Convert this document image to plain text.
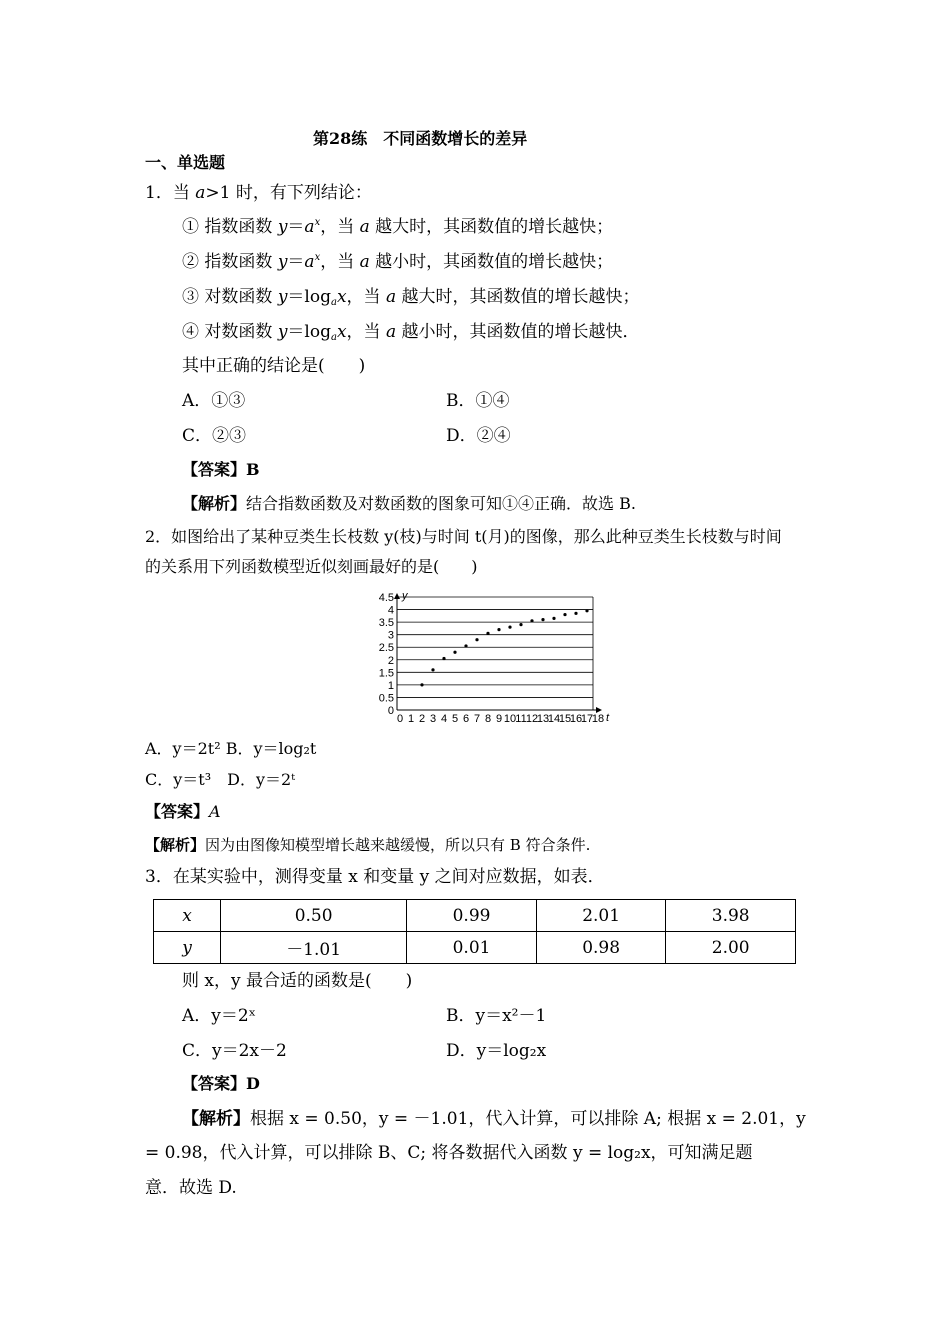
第28练　不同函数增长的差异
一、单选题
1．当 a>1 时，有下列结论：
① 指数函数 $y=a^x$，当 a 越大时，其函数值的增长越快；
② 指数函数 $y=a^x$，当 a 越小时，其函数值的增长越快；
③ 对数函数 $y=\log_ax$，当 a 越大时，其函数值的增长越快；
④ 对数函数 $y=\log_ax$，当 a 越小时，其函数值的增长越快．
其中正确的结论是(　　)
A．①③	B．①④
C．②③	D．②④
【答案】B
【解析】结合指数函数及对数函数的图象可知①④正确．故选 B.
2．如图给出了某种豆类生长枝数 y(枝)与时间 t(月)的图像，那么此种豆类生长枝数与时间
的关系用下列函数模型近似刻画最好的是(　　)
0
0.5
1
1.5
2
2.5
3
3.5
4
4.5
0 1 2 3 4 5 6 7 8 9 10 11 12
13
14
15
16
17
18
y
t
A．y＝2t² B．y＝log₂t
C．y＝t³　D．y＝2ᵗ
【答案】A
【解析】因为由图像知模型增长越来越缓慢，所以只有 B 符合条件.
3．在某实验中，测得变量 x 和变量 y 之间对应数据，如表．
x	0.50	0.99	2.01	3.98
y	－1.01	0.01	0.98	2.00
则 x，y 最合适的函数是(　　)
A．y＝2ˣ	B．y＝x²－1
C．y＝2x－2	D．y＝log₂x
【答案】D
【解析】根据 x = 0.50，y = －1.01，代入计算，可以排除 A; 根据 x = 2.01，y
= 0.98，代入计算，可以排除 B、C; 将各数据代入函数 y = log₂x，可知满足题
意．故选 D.
